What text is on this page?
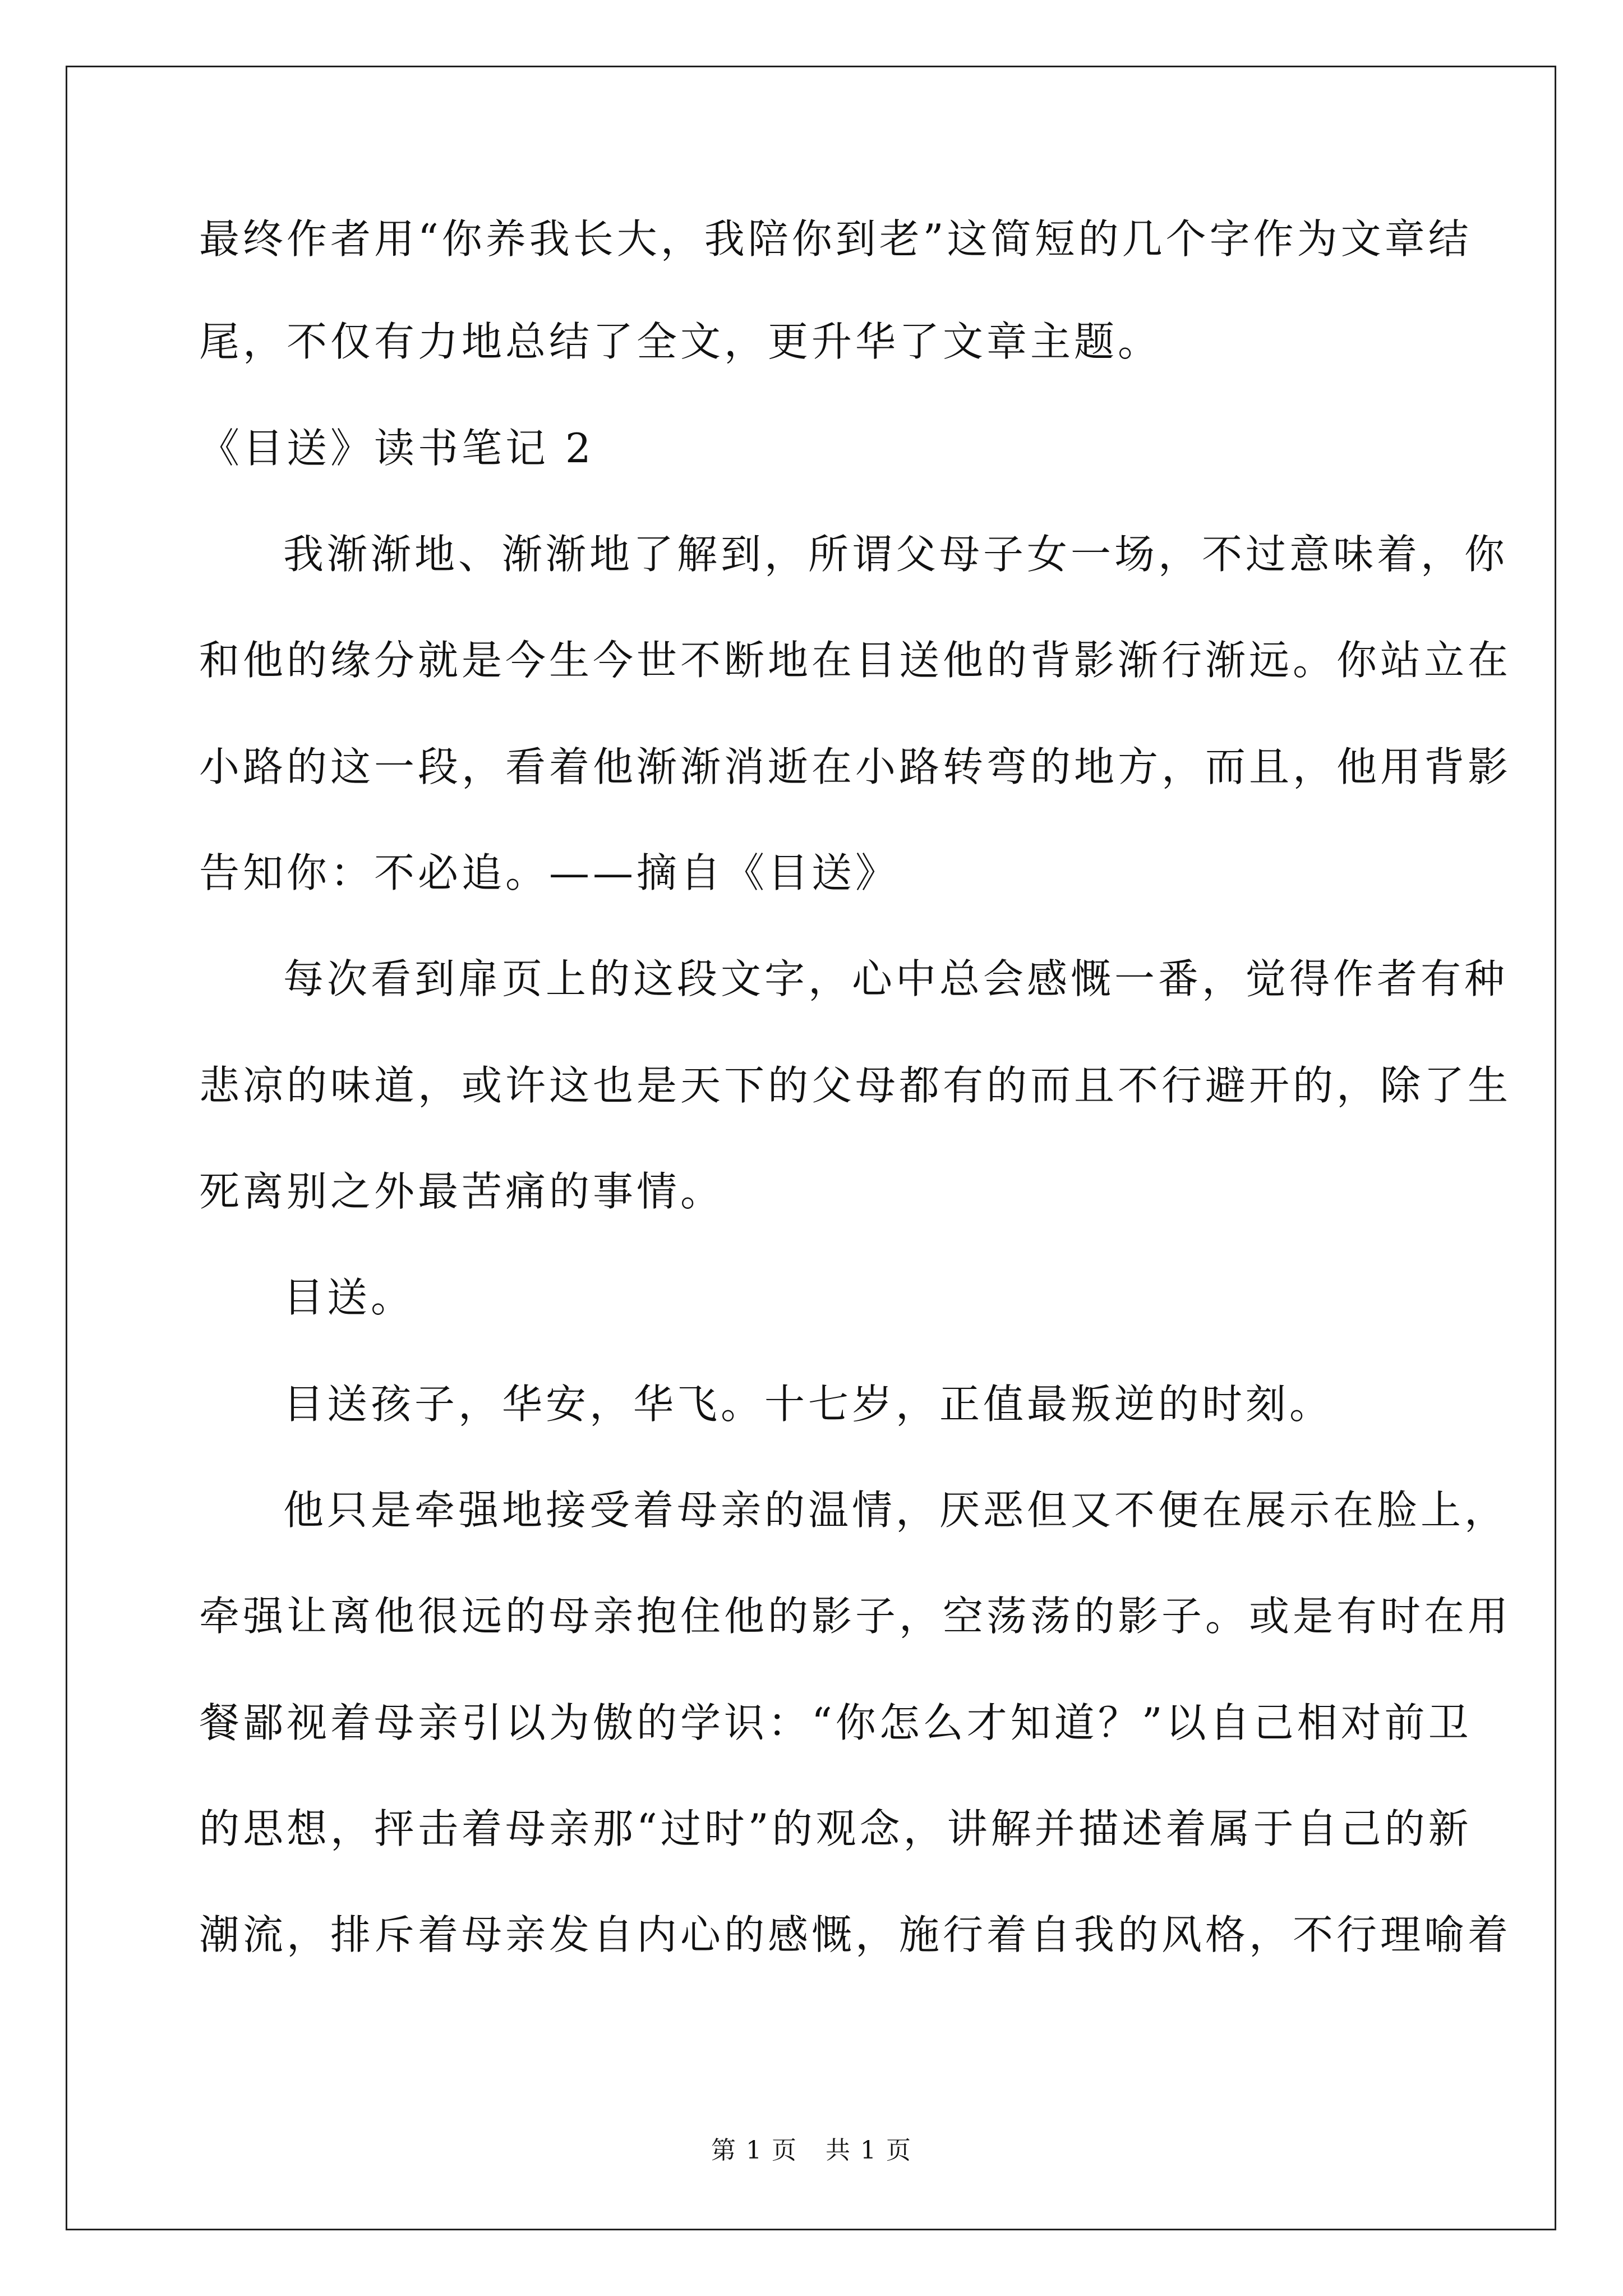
最终作者用“你养我长大，我陪你到老”这简短的几个字作为文章结

尾，不仅有力地总结了全文，更升华了文章主题。

《目送》读书笔记 2

我渐渐地、渐渐地了解到，所谓父母子女一场，不过意味着，你

和他的缘分就是今生今世不断地在目送他的背影渐行渐远。你站立在

小路的这一段，看着他渐渐消逝在小路转弯的地方，而且，他用背影

告知你：不必追。——摘自《目送》

每次看到扉页上的这段文字，心中总会感慨一番，觉得作者有种

悲凉的味道，或许这也是天下的父母都有的而且不行避开的，除了生

死离别之外最苦痛的事情。

目送。

目送孩子，华安，华飞。十七岁，正值最叛逆的时刻。

他只是牵强地接受着母亲的温情，厌恶但又不便在展示在脸上，

牵强让离他很远的母亲抱住他的影子，空荡荡的影子。或是有时在用

餐鄙视着母亲引以为傲的学识：“你怎么才知道？”以自己相对前卫

的思想，抨击着母亲那“过时”的观念，讲解并描述着属于自己的新

潮流，排斥着母亲发自内心的感慨，施行着自我的风格，不行理喻着

第 1 页 共 1 页
